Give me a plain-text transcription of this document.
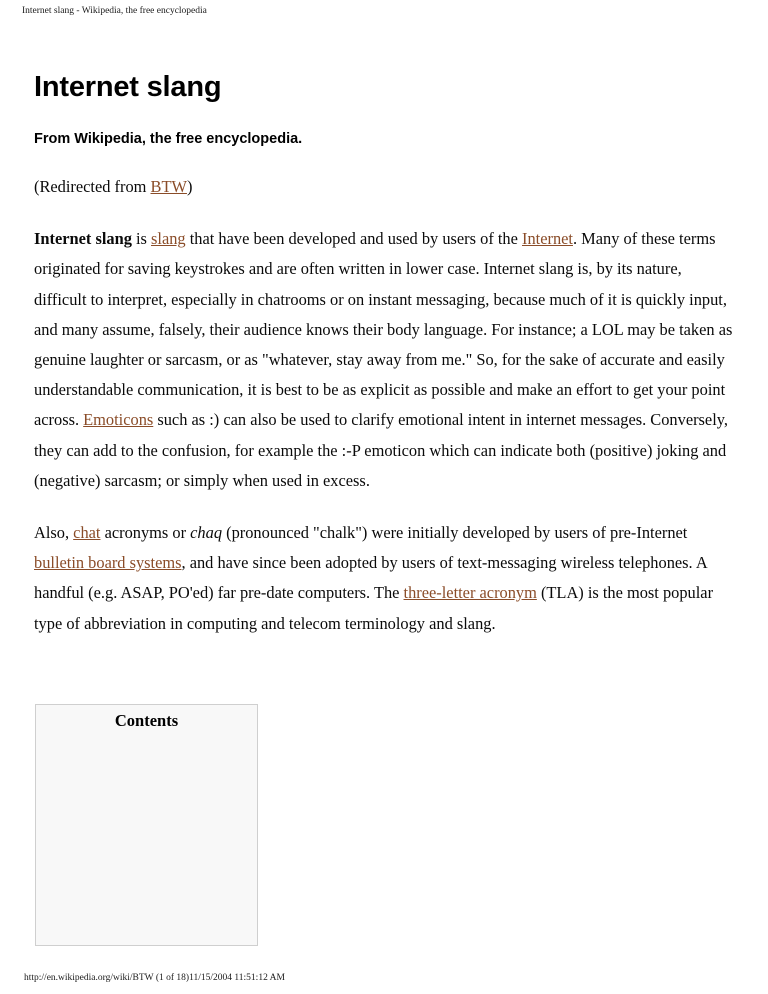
Internet slang - Wikipedia, the free encyclopedia
Internet slang
From Wikipedia, the free encyclopedia.

(Redirected from BTW)

Internet slang is slang that have been developed and used by users of the Internet. Many of these terms originated for saving keystrokes and are often written in lower case. Internet slang is, by its nature, difficult to interpret, especially in chatrooms or on instant messaging, because much of it is quickly input, and many assume, falsely, their audience knows their body language. For instance; a LOL may be taken as genuine laughter or sarcasm, or as "whatever, stay away from me." So, for the sake of accurate and easily understandable communication, it is best to be as explicit as possible and make an effort to get your point across. Emoticons such as :) can also be used to clarify emotional intent in internet messages. Conversely, they can add to the confusion, for example the :-P emoticon which can indicate both (positive) joking and (negative) sarcasm; or simply when used in excess.

Also, chat acronyms or chaq (pronounced "chalk") were initially developed by users of pre-Internet bulletin board systems, and have since been adopted by users of text-messaging wireless telephones. A handful (e.g. ASAP, PO'ed) far pre-date computers. The three-letter acronym (TLA) is the most popular type of abbreviation in computing and telecom terminology and slang.

Contents
http://en.wikipedia.org/wiki/BTW (1 of 18)11/15/2004 11:51:12 AM
